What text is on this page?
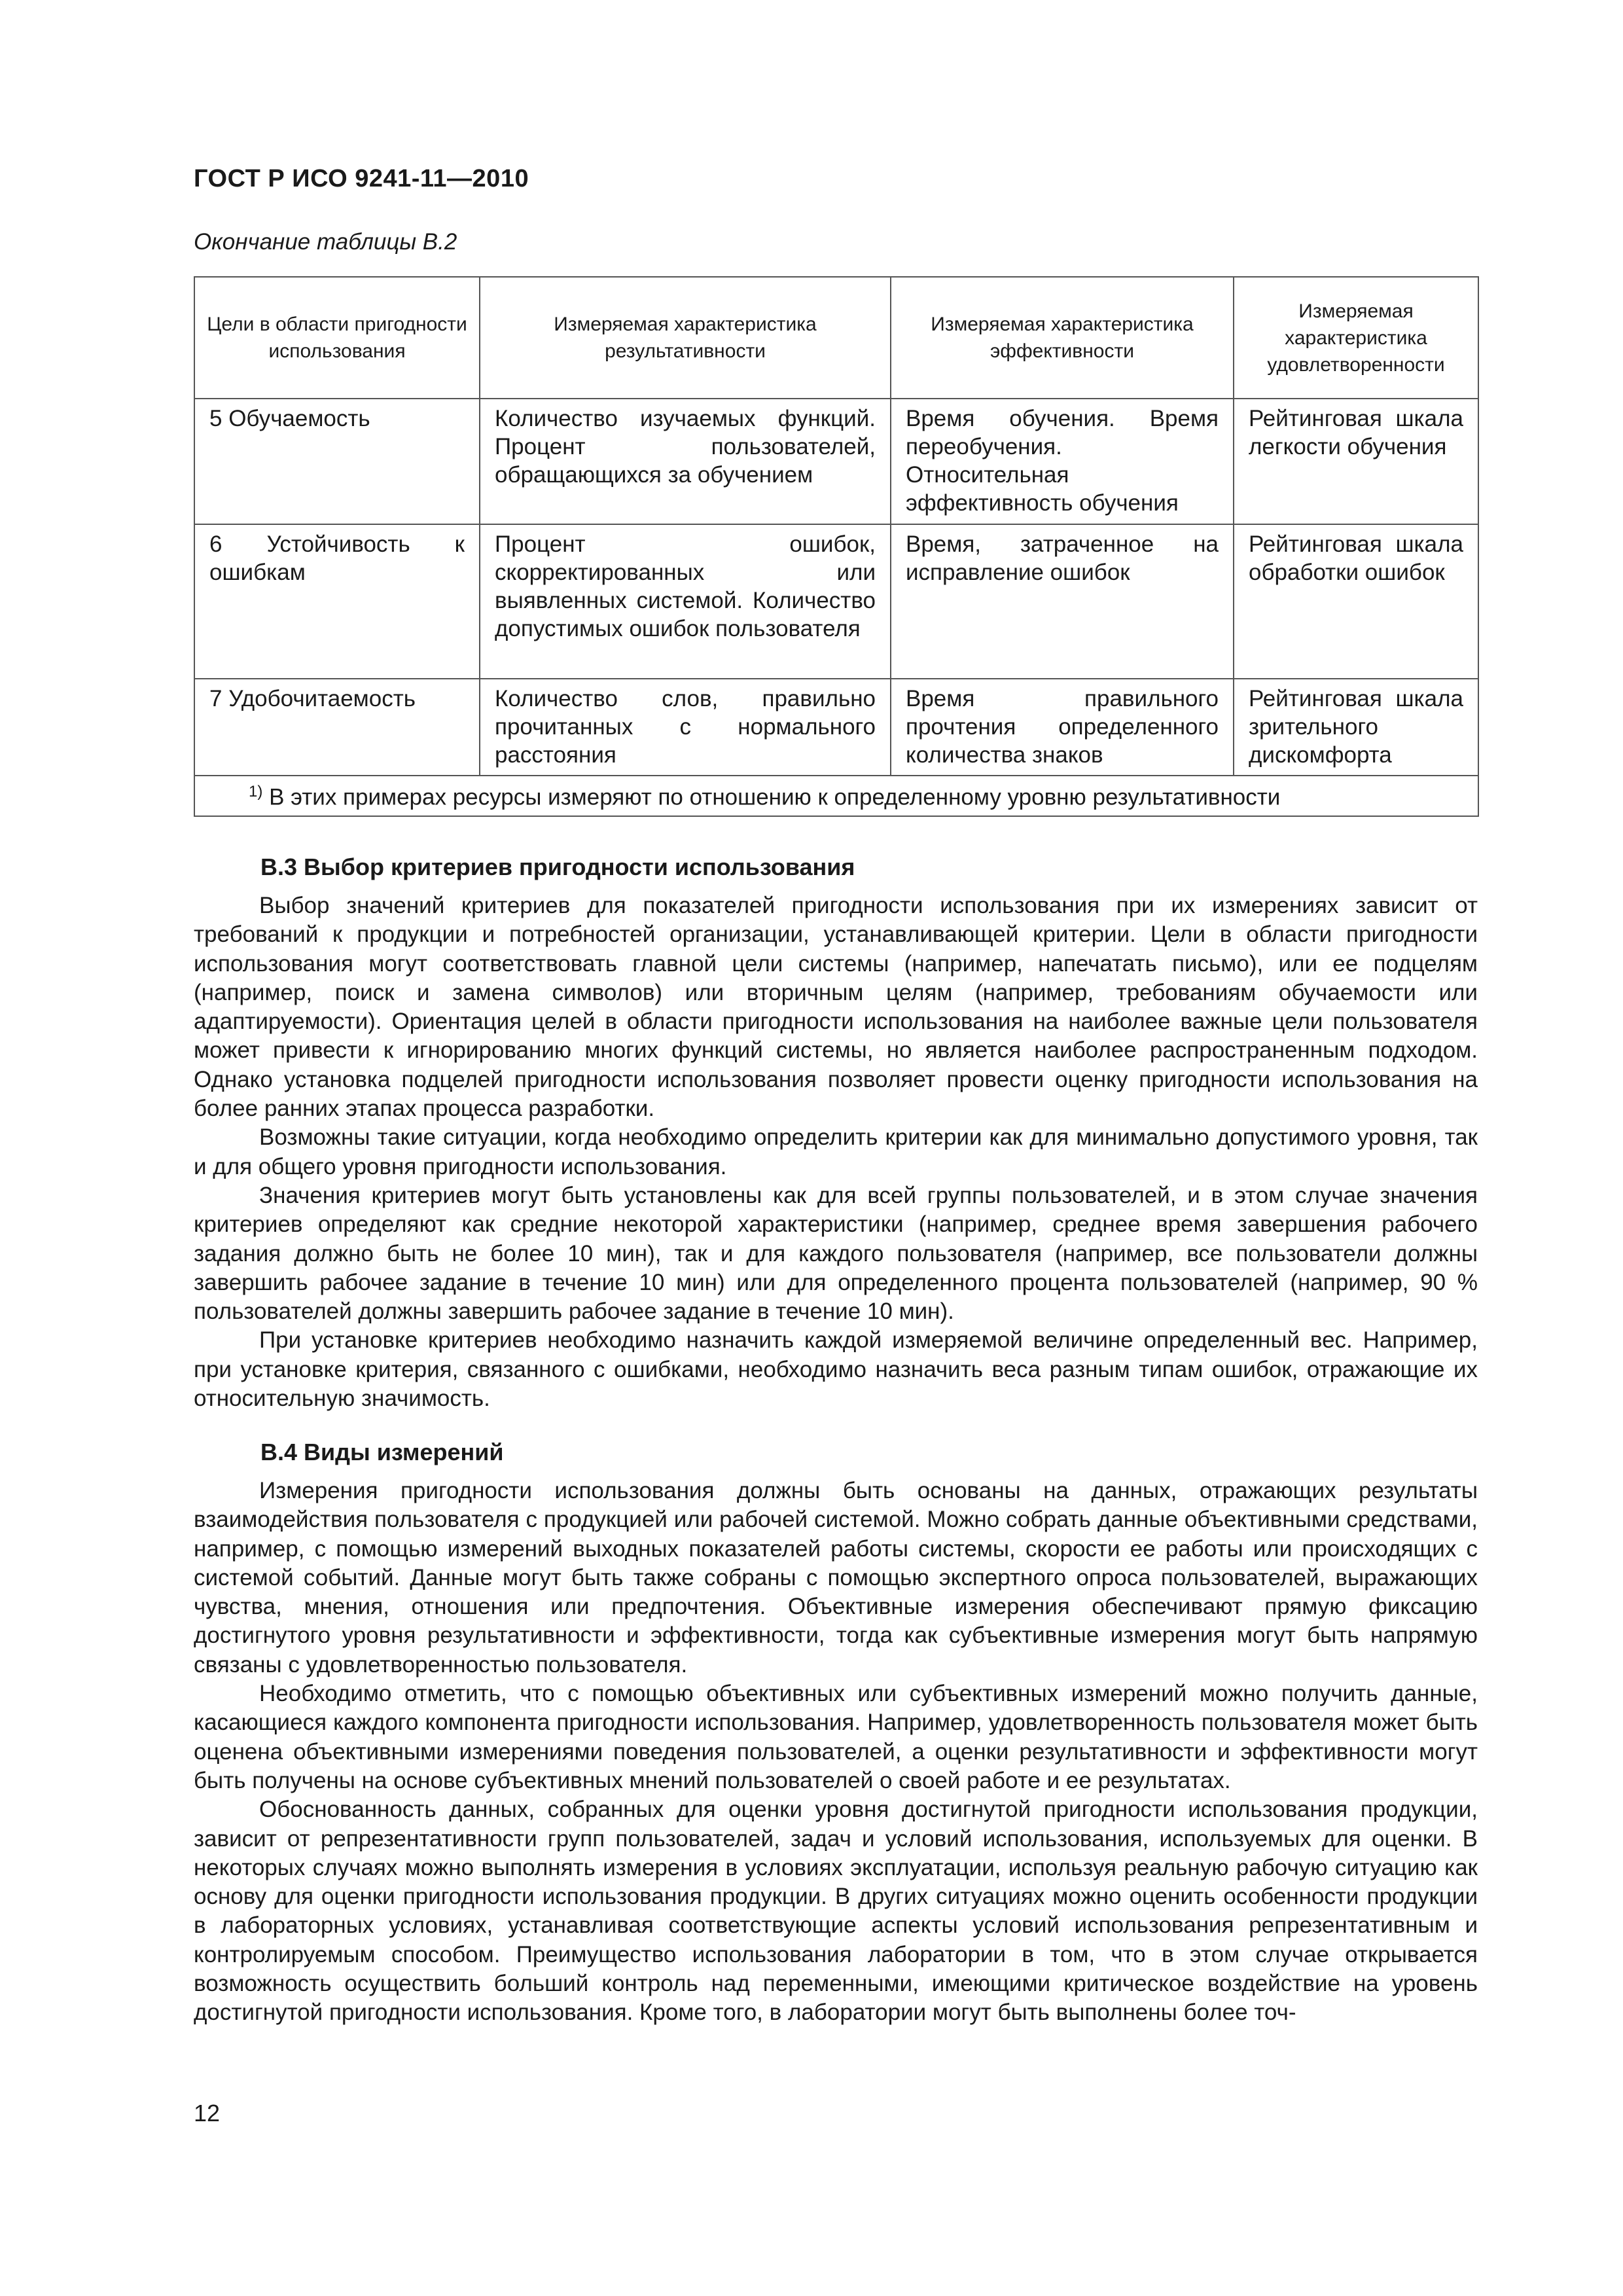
ГОСТ Р ИСО 9241-11—2010
Окончание таблицы В.2
Цели в области пригодности использования	Измеряемая характеристика результативности	Измеряемая характеристика эффективности	Измеряемая характеристика удовлетворенности
5 Обучаемость	Количество изучаемых функций. Процент пользователей, обращающихся за обучением	Время обучения. Время переобучения. Относительная эффективность обучения	Рейтинговая шкала легкости обучения
6 Устойчивость к ошибкам	Процент ошибок, скорректированных или выявленных системой. Количество допустимых ошибок пользователя	Время, затраченное на исправление ошибок	Рейтинговая шкала обработки ошибок
7 Удобочитаемость	Количество слов, правильно прочитанных с нормального расстояния	Время правильного прочтения определенного количества знаков	Рейтинговая шкала зрительного дискомфорта
$^{1)}$ В этих примерах ресурсы измеряют по отношению к определенному уровню результативности			
В.3 Выбор критериев пригодности использования

Выбор значений критериев для показателей пригодности использования при их измерениях зависит от требований к продукции и потребностей организации, устанавливающей критерии. Цели в области пригодности использования могут соответствовать главной цели системы (например, напечатать письмо), или ее подцелям (например, поиск и замена символов) или вторичным целям (например, требованиям обучаемости или адаптируемости). Ориентация целей в области пригодности использования на наиболее важные цели пользователя может привести к игнорированию многих функций системы, но является наиболее распространенным подходом. Однако установка подцелей пригодности использования позволяет провести оценку пригодности использования на более ранних этапах процесса разработки.

Возможны такие ситуации, когда необходимо определить критерии как для минимально допустимого уровня, так и для общего уровня пригодности использования.

Значения критериев могут быть установлены как для всей группы пользователей, и в этом случае значения критериев определяют как средние некоторой характеристики (например, среднее время завершения рабочего задания должно быть не более 10 мин), так и для каждого пользователя (например, все пользователи должны завершить рабочее задание в течение 10 мин) или для определенного процента пользователей (например, 90 % пользователей должны завершить рабочее задание в течение 10 мин).

При установке критериев необходимо назначить каждой измеряемой величине определенный вес. Например, при установке критерия, связанного с ошибками, необходимо назначить веса разным типам ошибок, отражающие их относительную значимость.

В.4 Виды измерений

Измерения пригодности использования должны быть основаны на данных, отражающих результаты взаимодействия пользователя с продукцией или рабочей системой. Можно собрать данные объективными средствами, например, с помощью измерений выходных показателей работы системы, скорости ее работы или происходящих с системой событий. Данные могут быть также собраны с помощью экспертного опроса пользователей, выражающих чувства, мнения, отношения или предпочтения. Объективные измерения обеспечивают прямую фиксацию достигнутого уровня результативности и эффективности, тогда как субъективные измерения могут быть напрямую связаны с удовлетворенностью пользователя.

Необходимо отметить, что с помощью объективных или субъективных измерений можно получить данные, касающиеся каждого компонента пригодности использования. Например, удовлетворенность пользователя может быть оценена объективными измерениями поведения пользователей, а оценки результативности и эффективности могут быть получены на основе субъективных мнений пользователей о своей работе и ее результатах.

Обоснованность данных, собранных для оценки уровня достигнутой пригодности использования продукции, зависит от репрезентативности групп пользователей, задач и условий использования, используемых для оценки. В некоторых случаях можно выполнять измерения в условиях эксплуатации, используя реальную рабочую ситуацию как основу для оценки пригодности использования продукции. В других ситуациях можно оценить особенности продукции в лабораторных условиях, устанавливая соответствующие аспекты условий использования репрезентативным и контролируемым способом. Преимущество использования лаборатории в том, что в этом случае открывается возможность осуществить больший контроль над переменными, имеющими критическое воздействие на уровень достигнутой пригодности использования. Кроме того, в лаборатории могут быть выполнены более точ-

12
